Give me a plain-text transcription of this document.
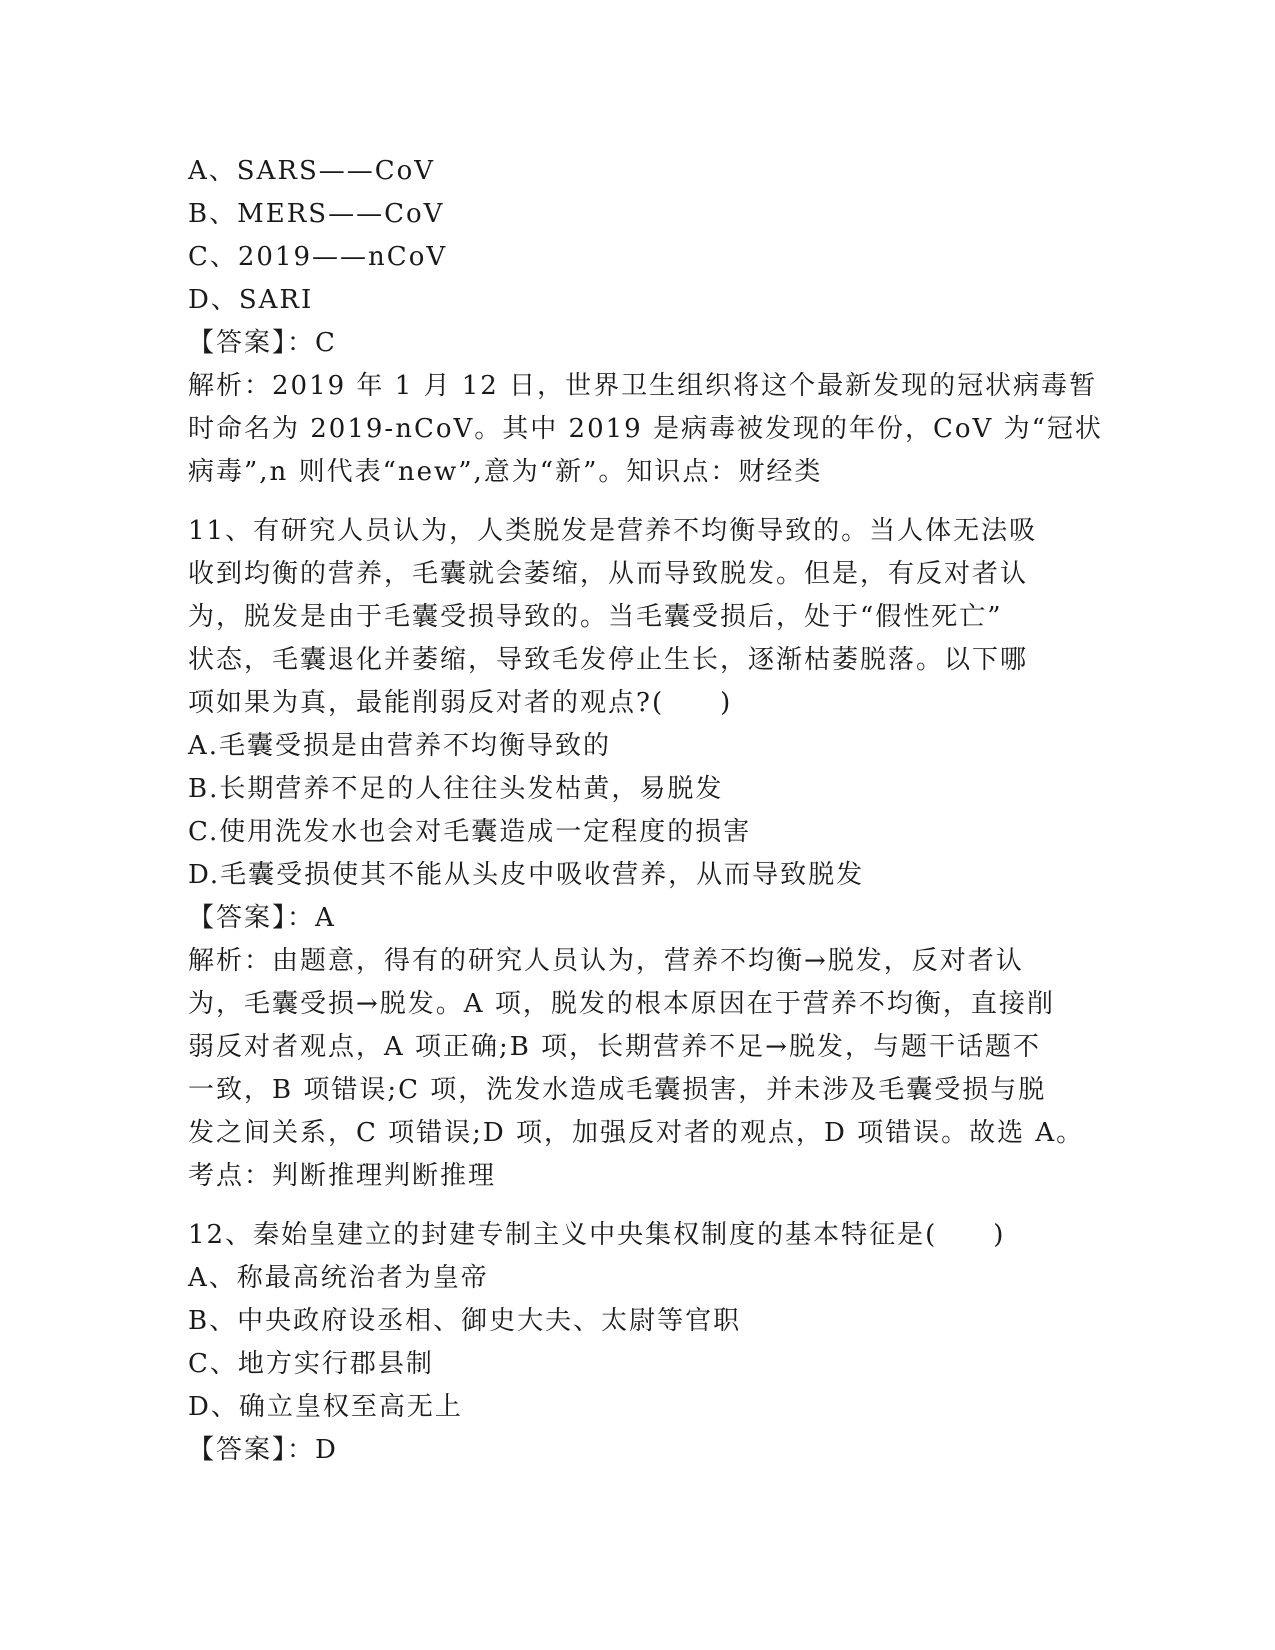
A、SARS——CoV
B、MERS——CoV
C、2019——nCoV
D、SARI
【答案】：C
解析：2019 年 1 月 12 日，世界卫生组织将这个最新发现的冠状病毒暂
时命名为 2019-nCoV。其中 2019 是病毒被发现的年份，CoV 为“冠状
病毒”,n 则代表“new”,意为“新”。知识点：财经类
11、有研究人员认为，人类脱发是营养不均衡导致的。当人体无法吸
收到均衡的营养，毛囊就会萎缩，从而导致脱发。但是，有反对者认
为，脱发是由于毛囊受损导致的。当毛囊受损后，处于“假性死亡”
状态，毛囊退化并萎缩，导致毛发停止生长，逐渐枯萎脱落。以下哪
项如果为真，最能削弱反对者的观点?(　　)
A.毛囊受损是由营养不均衡导致的
B.长期营养不足的人往往头发枯黄，易脱发
C.使用洗发水也会对毛囊造成一定程度的损害
D.毛囊受损使其不能从头皮中吸收营养，从而导致脱发
【答案】：A
解析：由题意，得有的研究人员认为，营养不均衡→脱发，反对者认
为，毛囊受损→脱发。A 项，脱发的根本原因在于营养不均衡，直接削
弱反对者观点，A 项正确;B 项，长期营养不足→脱发，与题干话题不
一致，B 项错误;C 项，洗发水造成毛囊损害，并未涉及毛囊受损与脱
发之间关系，C 项错误;D 项，加强反对者的观点，D 项错误。故选 A。
考点：判断推理判断推理
12、秦始皇建立的封建专制主义中央集权制度的基本特征是(　　)
A、称最高统治者为皇帝
B、中央政府设丞相、御史大夫、太尉等官职
C、地方实行郡县制
D、确立皇权至高无上
【答案】：D
